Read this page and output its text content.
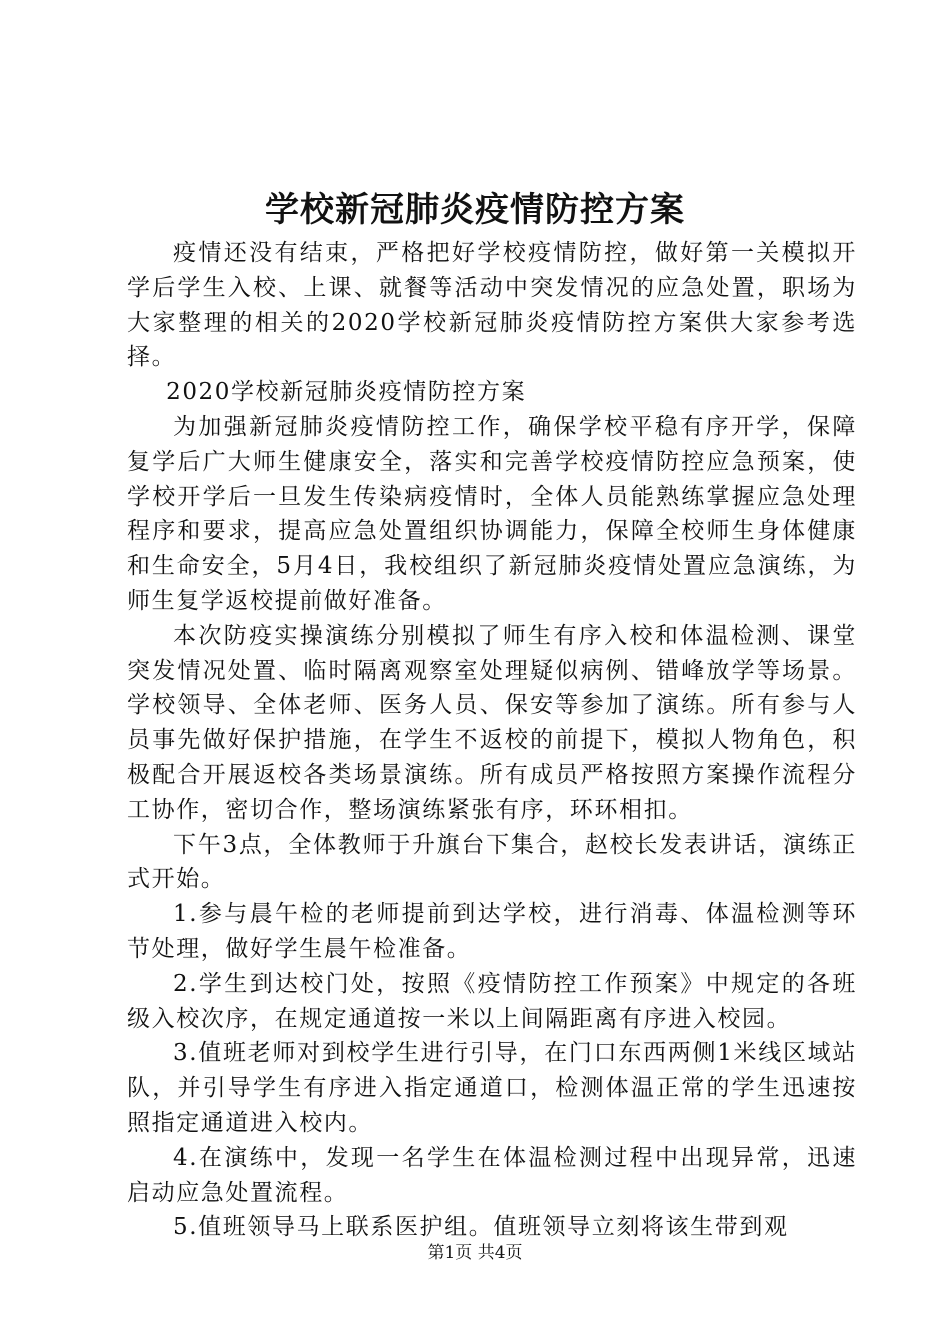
学校新冠肺炎疫情防控方案

疫情还没有结束，严格把好学校疫情防控，做好第一关模拟开学后学生入校、上课、就餐等活动中突发情况的应急处置，职场为大家整理的相关的2020学校新冠肺炎疫情防控方案供大家参考选择。

2020学校新冠肺炎疫情防控方案

为加强新冠肺炎疫情防控工作，确保学校平稳有序开学，保障复学后广大师生健康安全，落实和完善学校疫情防控应急预案，使学校开学后一旦发生传染病疫情时，全体人员能熟练掌握应急处理程序和要求，提高应急处置组织协调能力，保障全校师生身体健康和生命安全，5月4日，我校组织了新冠肺炎疫情处置应急演练，为师生复学返校提前做好准备。

本次防疫实操演练分别模拟了师生有序入校和体温检测、课堂突发情况处置、临时隔离观察室处理疑似病例、错峰放学等场景。学校领导、全体老师、医务人员、保安等参加了演练。所有参与人员事先做好保护措施，在学生不返校的前提下，模拟人物角色，积极配合开展返校各类场景演练。所有成员严格按照方案操作流程分工协作，密切合作，整场演练紧张有序，环环相扣。

下午3点，全体教师于升旗台下集合，赵校长发表讲话，演练正式开始。

1.参与晨午检的老师提前到达学校，进行消毒、体温检测等环节处理，做好学生晨午检准备。

2.学生到达校门处，按照《疫情防控工作预案》中规定的各班级入校次序，在规定通道按一米以上间隔距离有序进入校园。

3.值班老师对到校学生进行引导，在门口东西两侧1米线区域站队，并引导学生有序进入指定通道口，检测体温正常的学生迅速按照指定通道进入校内。

4.在演练中，发现一名学生在体温检测过程中出现异常，迅速启动应急处置流程。

5.值班领导马上联系医护组。值班领导立刻将该生带到观

第1页 共4页
